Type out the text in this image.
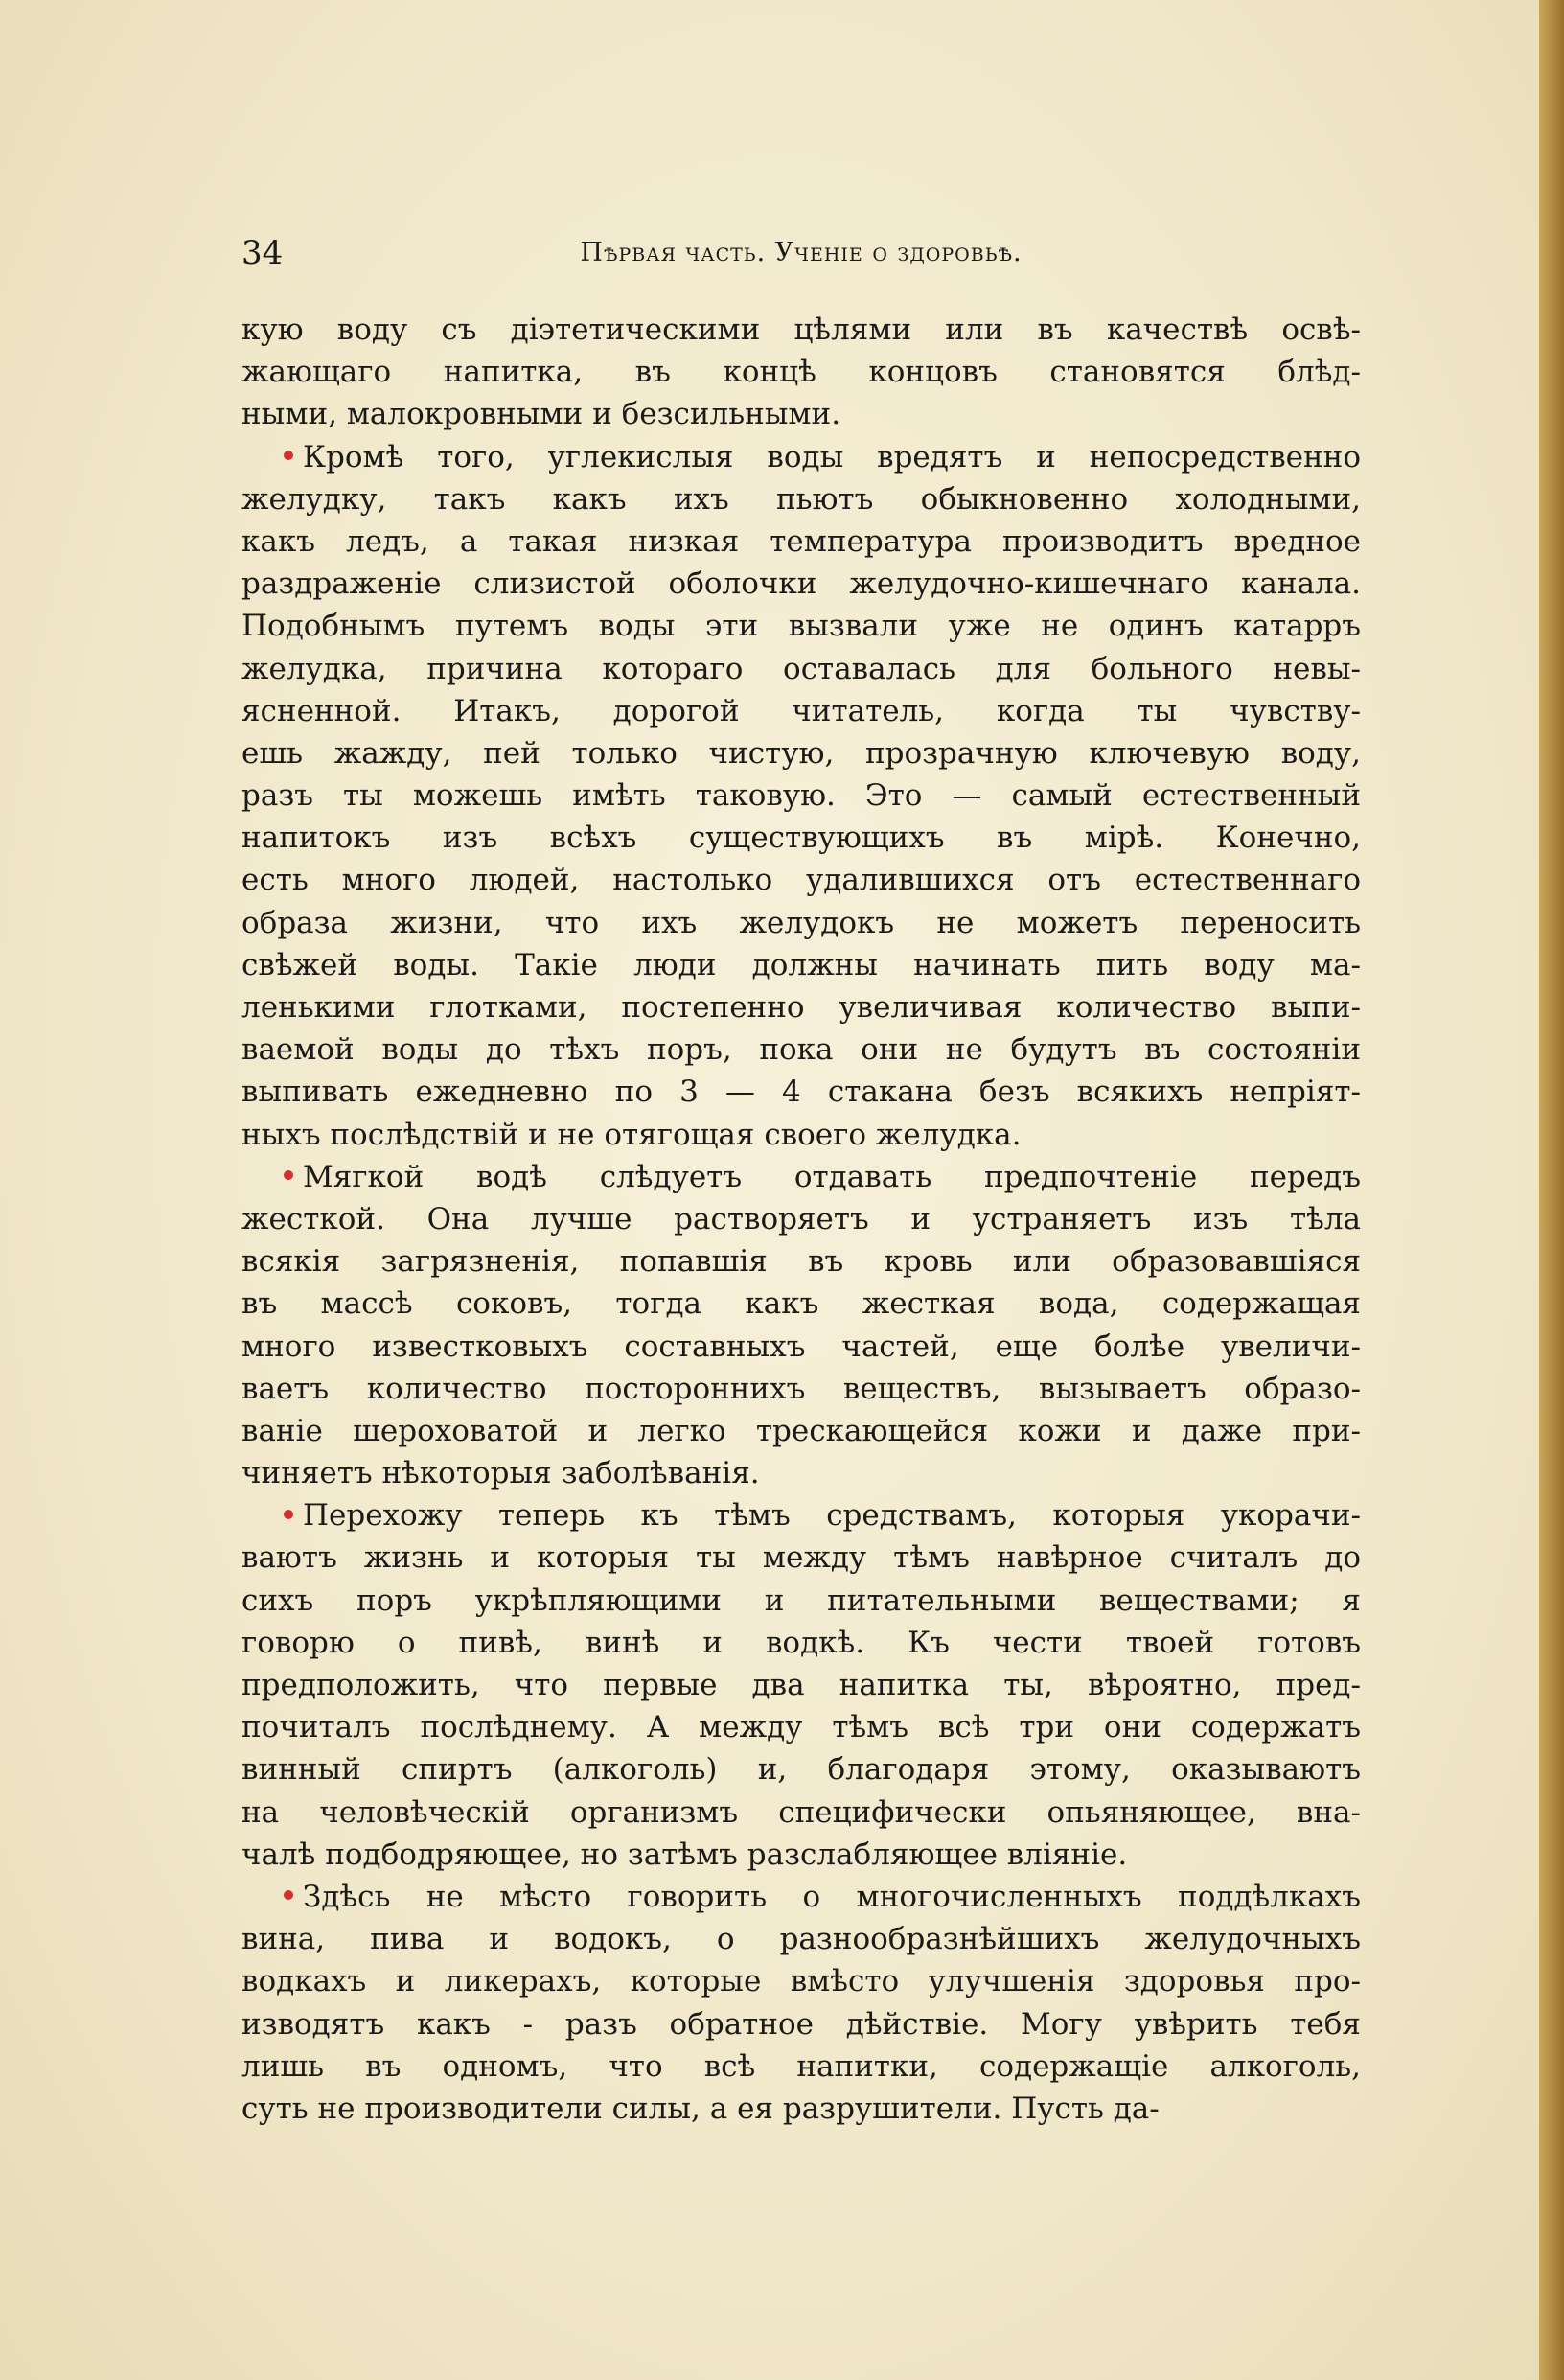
34	Пѣрвая часть. Ученіе о здоровьѣ.
кую воду съ діэтетическими цѣлями или въ качествѣ освѣ-
жающаго напитка, въ концѣ концовъ становятся блѣд-
ными, малокровными и безсильными.
Кромѣ того, углекислыя воды вредятъ и непосредственно
желудку, такъ какъ ихъ пьютъ обыкновенно холодными,
какъ ледъ, а такая низкая температура производитъ вредное
раздраженіе слизистой оболочки желудочно-кишечнаго канала.
Подобнымъ путемъ воды эти вызвали уже не одинъ катарръ
желудка, причина котораго оставалась для больного невы-
ясненной. Итакъ, дорогой читатель, когда ты чувству-
ешь жажду, пей только чистую, прозрачную ключевую воду,
разъ ты можешь имѣть таковую. Это — самый естественный
напитокъ изъ всѣхъ существующихъ въ мірѣ. Конечно,
есть много людей, настолько удалившихся отъ естественнаго
образа жизни, что ихъ желудокъ не можетъ переносить
свѣжей воды. Такіе люди должны начинать пить воду ма-
ленькими глотками, постепенно увеличивая количество выпи-
ваемой воды до тѣхъ поръ, пока они не будутъ въ состояніи
выпивать ежедневно по 3 — 4 стакана безъ всякихъ непріят-
ныхъ послѣдствій и не отягощая своего желудка.
Мягкой водѣ слѣдуетъ отдавать предпочтеніе передъ
жесткой. Она лучше растворяетъ и устраняетъ изъ тѣла
всякія загрязненія, попавшія въ кровь или образовавшіяся
въ массѣ соковъ, тогда какъ жесткая вода, содержащая
много известковыхъ составныхъ частей, еще болѣе увеличи-
ваетъ количество постороннихъ веществъ, вызываетъ образо-
ваніе шероховатой и легко трескающейся кожи и даже при-
чиняетъ нѣкоторыя заболѣванія.
Перехожу теперь къ тѣмъ средствамъ, которыя укорачи-
ваютъ жизнь и которыя ты между тѣмъ навѣрное считалъ до
сихъ поръ укрѣпляющими и питательными веществами; я
говорю о пивѣ, винѣ и водкѣ. Къ чести твоей готовъ
предположить, что первые два напитка ты, вѣроятно, пред-
почиталъ послѣднему. А между тѣмъ всѣ три они содержатъ
винный спиртъ (алкоголь) и, благодаря этому, оказываютъ
на человѣческій организмъ специфически опьяняющее, вна-
чалѣ подбодряющее, но затѣмъ разслабляющее вліяніе.
Здѣсь не мѣсто говорить о многочисленныхъ поддѣлкахъ
вина, пива и водокъ, о разнообразнѣйшихъ желудочныхъ
водкахъ и ликерахъ, которые вмѣсто улучшенія здоровья про-
изводятъ какъ - разъ обратное дѣйствіе. Могу увѣрить тебя
лишь въ одномъ, что всѣ напитки, содержащіе алкоголь,
суть не производители силы, а ея разрушители. Пусть да-
